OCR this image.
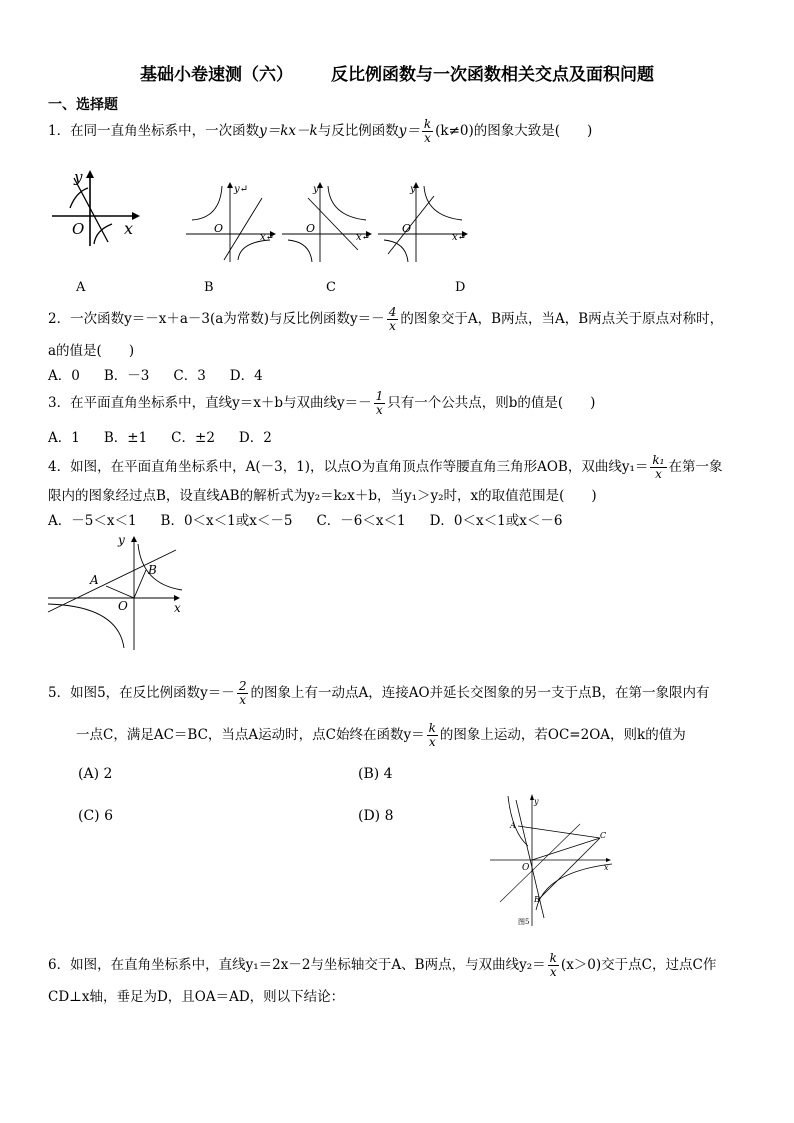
基础小卷速测（六） 反比例函数与一次函数相关交点及面积问题
一、选择题
1．在同一直角坐标系中，一次函数y＝kx－k与反比例函数$y= \frac{k}{x} (k\ne 0)$的图象大致是(　　)
y
x
O
y↵
x↵
O
y
x↵
O
y
x↵
O
A	B	C	D
2．一次函数y＝－x＋a－3(a为常数)与反比例函数$y=- \frac{4}{x}$ 的图象交于A，B两点，当A，B两点关于原点对称时，
a的值是(　　)
A．0 B．－3 C．3 D．4
3．在平面直角坐标系中，直线y＝x＋b与双曲线$y=- \frac{1}{x}$ 只有一个公共点，则b的值是(　　)
A．1 B．±1 C．±2 D．2
4．如图，在平面直角坐标系中，A(－3，1)，以点O为直角顶点作等腰直角三角形AOB，双曲线$y_1= \frac{\text{k₁}}{x}$ 在第一象
限内的图象经过点B，设直线AB的解析式为y₂＝k₂x＋b，当y₁＞y₂时，x的取值范围是(　　)
A．－5＜x＜1 B．0＜x＜1或x＜－5 C．－6＜x＜1 D．0＜x＜1或x＜－6
y
x
O
A
B
5．如图5，在反比例函数$y=- \frac{2}{x}$ 的图象上有一动点A，连接AO并延长交图象的另一支于点B，在第一象限内有
一点C，满足AC＝BC，当点A运动时，点C始终在函数$y= \frac{k}{x}$ 的图象上运动，若OC=2OA，则k的值为
(A) 2	(B) 4
(C) 6	(D) 8
y
x
O
A
B
C
图5
6．如图，在直角坐标系中，直线y₁＝2x－2与坐标轴交于A、B两点，与双曲线$y_2= \frac{k}{x} (x>0)$交于点C，过点C作
CD⊥x轴，垂足为D，且OA＝AD，则以下结论：
